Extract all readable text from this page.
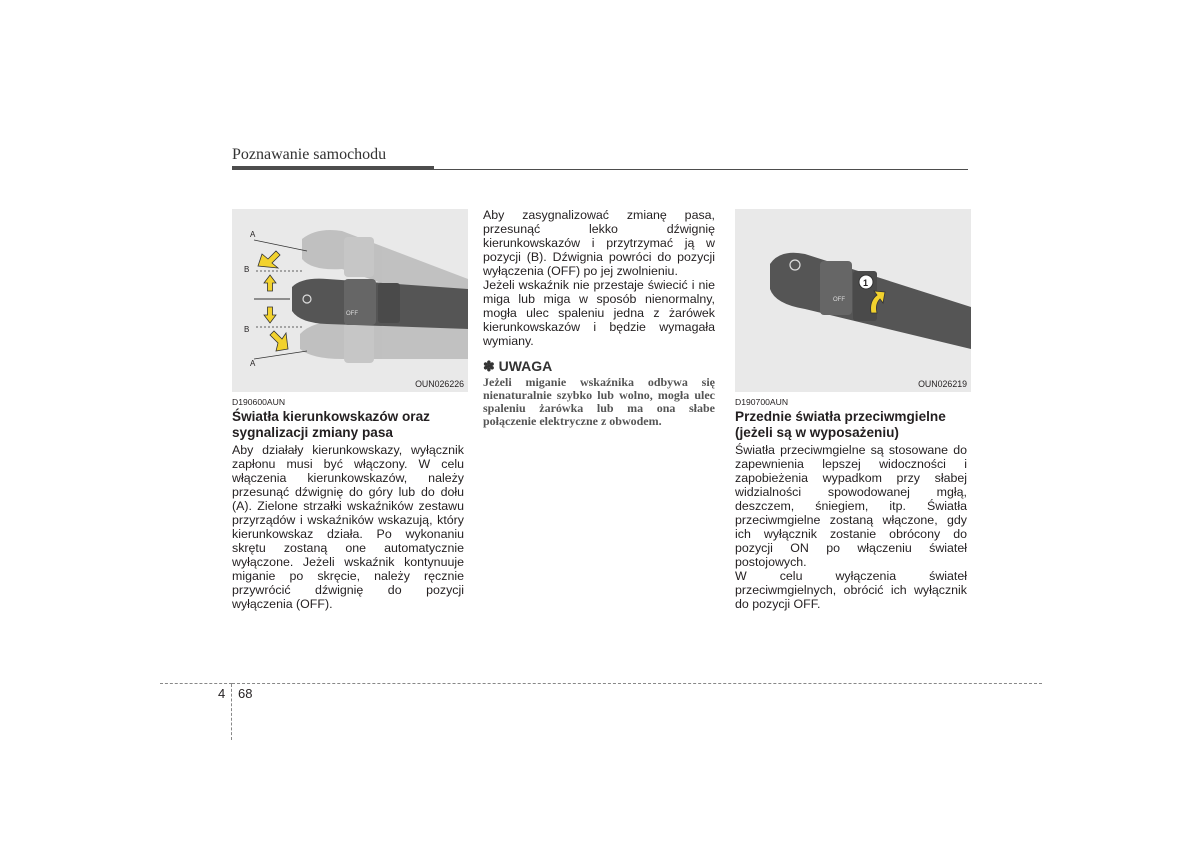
Poznawanie samochodu
OFF
A
B
B
A
OUN026226
OFF
1
OUN026219
D190600AUN
Światła kierunkowskazów oraz sygnalizacji zmiany pasa

Aby działały kierunkowskazy, wyłącznik zapłonu musi być włączony. W celu włączenia kierunkowskazów, należy przesunąć dźwignię do góry lub do dołu (A). Zielone strzałki wskaźników zestawu przyrządów i wskaźników wskazują, który kierunkowskaz działa. Po wykonaniu skrętu zostaną one automatycznie wyłączone. Jeżeli wskaźnik kontynuuje miganie po skręcie, należy ręcznie przywrócić dźwignię do pozycji wyłączenia (OFF).

Aby zasygnalizować zmianę pasa, przesunąć lekko dźwignię kierunkowskazów i przytrzymać ją w pozycji (B). Dźwignia powróci do pozycji wyłączenia (OFF) po jej zwolnieniu.

Jeżeli wskaźnik nie przestaje świecić i nie miga lub miga w sposób nienormalny, mogła ulec spaleniu jedna z żarówek kierunkowskazów i będzie wymagała wymiany.

✽ UWAGA

Jeżeli miganie wskaźnika odbywa się nienaturalnie szybko lub wolno, mogła ulec spaleniu żarówka lub ma ona słabe połączenie elektryczne z obwodem.

D190700AUN
Przednie światła przeciwmgielne (jeżeli są w wyposażeniu)

Światła przeciwmgielne są stosowane do zapewnienia lepszej widoczności i zapobieżenia wypadkom przy słabej widzialności spowodowanej mgłą, deszczem, śniegiem, itp. Światła przeciwmgielne zostaną włączone, gdy ich wyłącznik zostanie obrócony do pozycji ON po włączeniu świateł postojowych.

W celu wyłączenia świateł przeciwmgielnych, obrócić ich wyłącznik do pozycji OFF.

4 68
